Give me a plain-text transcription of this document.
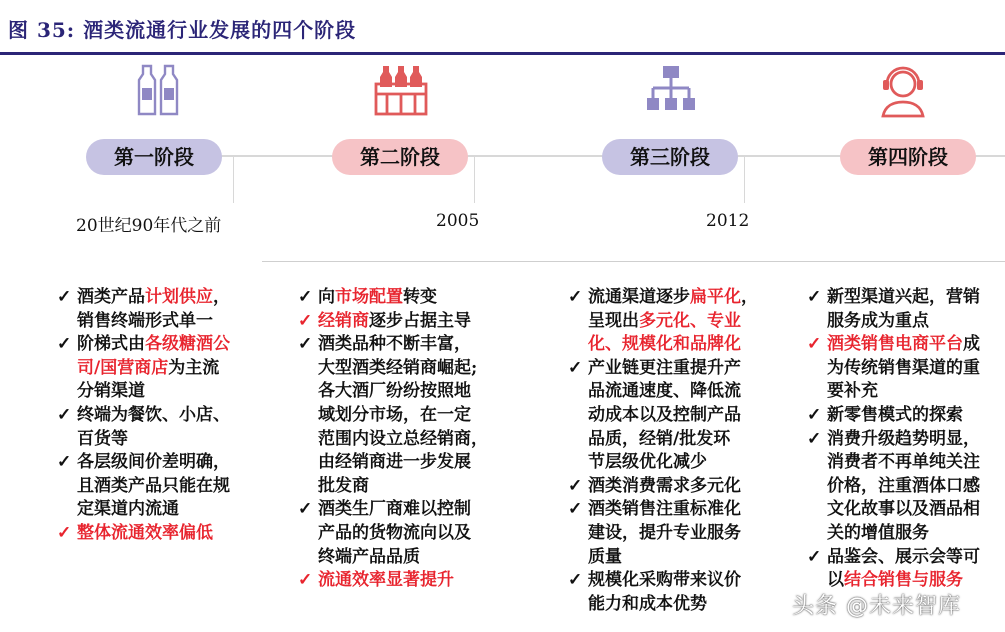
图 35: 酒类流通行业发展的四个阶段
第一阶段	第二阶段	第三阶段	第四阶段
20世纪90年代之前	2005	2012
✓ 酒类产品计划供应，
销售终端形式单一
✓ 阶梯式由各级糖酒公
司/国营商店为主流
分销渠道
✓ 终端为餐饮、小店、
百货等
✓ 各层级间价差明确，
且酒类产品只能在规
定渠道内流通
✓ 整体流通效率偏低
✓ 向市场配置转变
✓ 经销商逐步占据主导
✓ 酒类品种不断丰富，
大型酒类经销商崛起;
各大酒厂纷纷按照地
域划分市场，在一定
范围内设立总经销商，
由经销商进一步发展
批发商
✓ 酒类生厂商难以控制
产品的货物流向以及
终端产品品质
✓ 流通效率显著提升
✓ 流通渠道逐步扁平化，
呈现出多元化、专业
化、规模化和品牌化
✓ 产业链更注重提升产
品流通速度、降低流
动成本以及控制产品
品质，经销/批发环
节层级优化减少
✓ 酒类消费需求多元化
✓ 酒类销售注重标准化
建设，提升专业服务
质量
✓ 规模化采购带来议价
能力和成本优势
✓ 新型渠道兴起，营销
服务成为重点
✓ 酒类销售电商平台成
为传统销售渠道的重
要补充
✓ 新零售模式的探索
✓ 消费升级趋势明显，
消费者不再单纯关注
价格，注重酒体口感
文化故事以及酒品相
关的增值服务
✓ 品鉴会、展示会等可
以结合销售与服务
头条 @未来智库
